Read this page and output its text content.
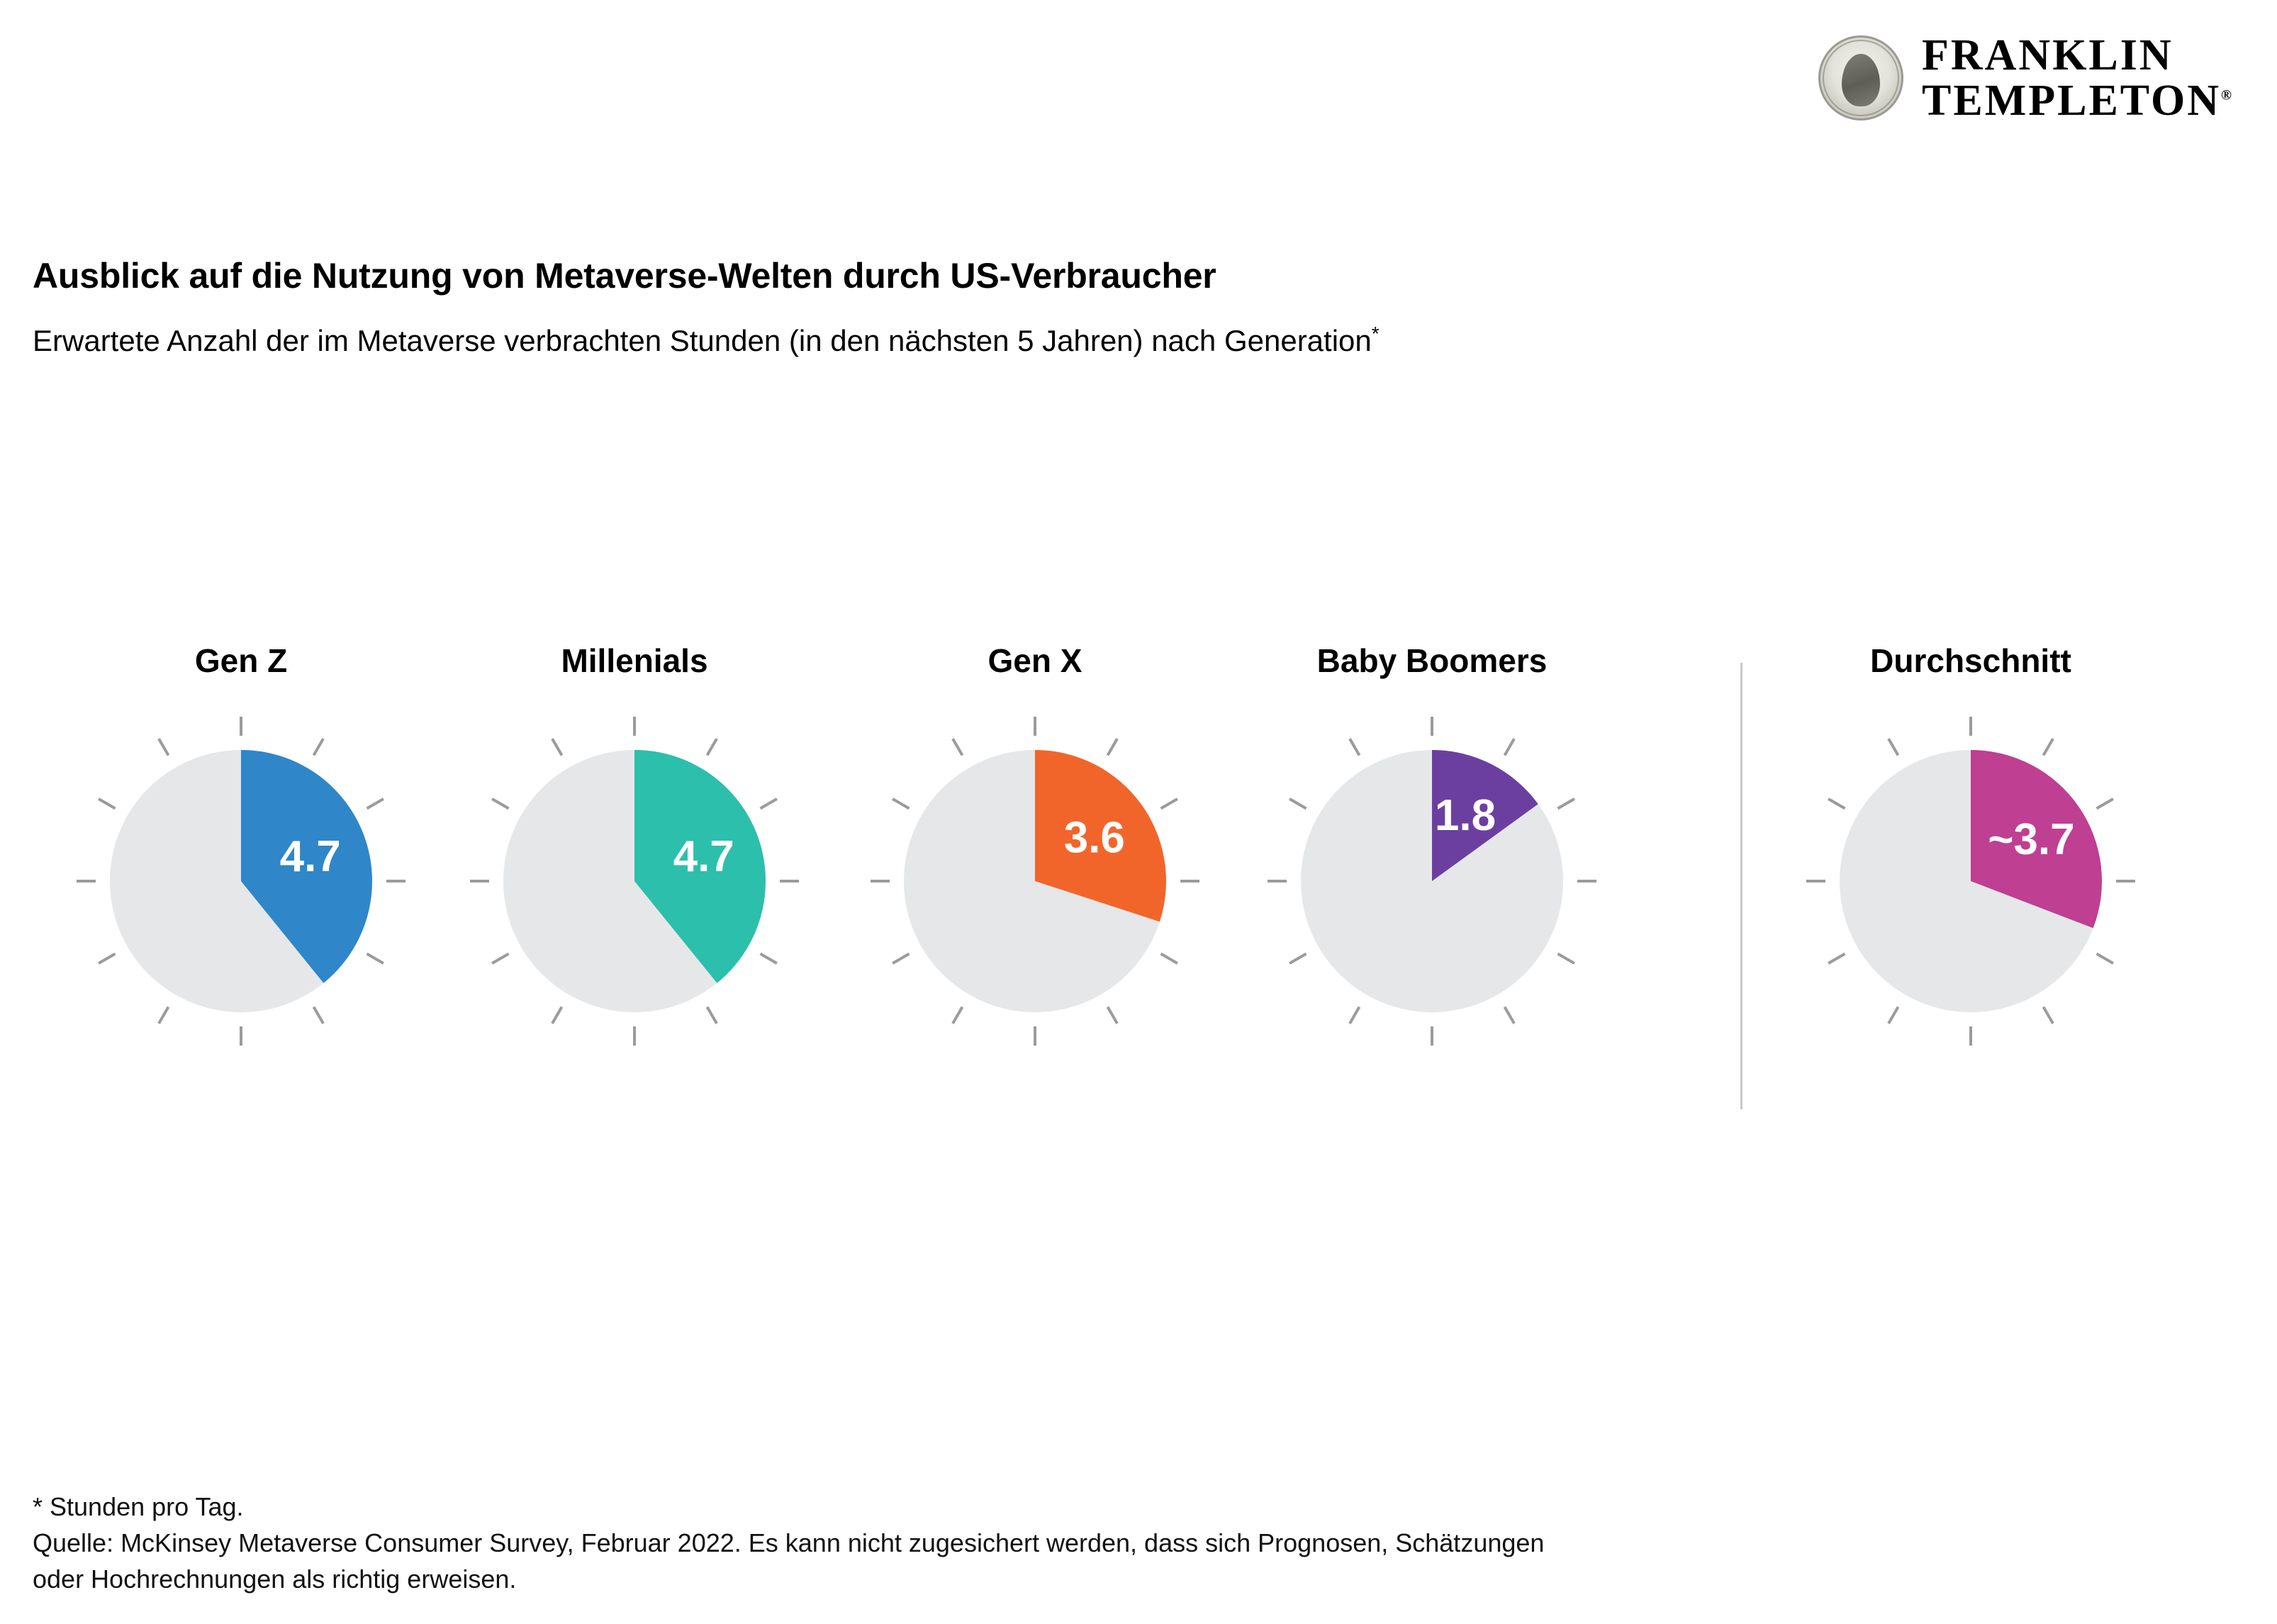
FRANKLIN
TEMPLETON®
Ausblick auf die Nutzung von Metaverse-Welten durch US-Verbraucher
Erwartete Anzahl der im Metaverse verbrachten Stunden (in den nächsten 5 Jahren) nach Generation*
Gen Z
4.7
Millenials
4.7
Gen X
3.6
Baby Boomers
1.8
Durchschnitt
~3.7
* Stunden pro Tag.
Quelle: McKinsey Metaverse Consumer Survey, Februar 2022. Es kann nicht zugesichert werden, dass sich Prognosen, Schätzungen
oder Hochrechnungen als richtig erweisen.
